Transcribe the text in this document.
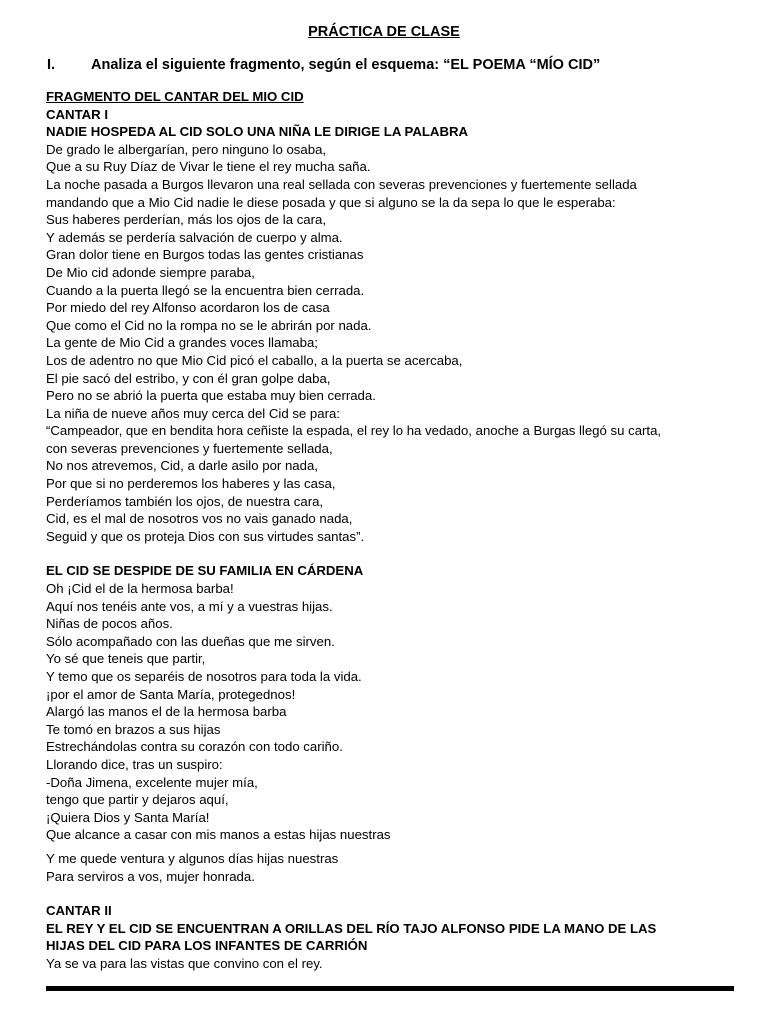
PRÁCTICA DE CLASE
I. Analiza el siguiente fragmento, según el esquema: “EL POEMA “MÍO CID”
FRAGMENTO DEL CANTAR DEL MIO CID
CANTAR I
NADIE HOSPEDA AL CID SOLO UNA NIÑA LE DIRIGE LA PALABRA
De grado le albergarían, pero ninguno lo osaba,
Que a su Ruy Díaz de Vivar le tiene el rey mucha saña.
La noche pasada a Burgos llevaron una real sellada con severas prevenciones y fuertemente sellada
mandando que a Mio Cid nadie le diese posada y que si alguno se la da sepa lo que le esperaba:
Sus haberes perderían, más los ojos de la cara,
Y además se perdería salvación de cuerpo y alma.
Gran dolor tiene en Burgos todas las gentes cristianas
De Mio cid adonde siempre paraba,
Cuando a la puerta llegó se la encuentra bien cerrada.
Por miedo del rey Alfonso acordaron los de casa
Que como el Cid no la rompa no se le abrirán por nada.
La gente de Mio Cid a grandes voces llamaba;
Los de adentro no que Mio Cid picó el caballo, a la puerta se acercaba,
El pie sacó del estribo, y con él gran golpe daba,
Pero no se abrió la puerta que estaba muy bien cerrada.
La niña de nueve años muy cerca del Cid se para:
“Campeador, que en bendita hora ceñiste la espada, el rey lo ha vedado, anoche a Burgas llegó su carta,
con severas prevenciones y fuertemente sellada,
No nos atrevemos, Cid, a darle asilo por nada,
Por que si no perderemos los haberes y las casa,
Perderíamos también los ojos, de nuestra cara,
Cid, es el mal de nosotros vos no vais ganado nada,
Seguid y que os proteja Dios con sus virtudes santas”.
EL CID SE DESPIDE DE SU FAMILIA EN CÁRDENA
Oh ¡Cid el de la hermosa barba!
Aquí nos tenéis ante vos, a mí y a vuestras hijas.
Niñas de pocos años.
Sólo acompañado con las dueñas que me sirven.
Yo sé que teneis que partir,
Y temo que os separéis de nosotros para toda la vida.
¡por el amor de Santa María, protegednos!
Alargó las manos el de la hermosa barba
Te tomó en brazos a sus hijas
Estrechándolas contra su corazón con todo cariño.
Llorando dice, tras un suspiro:
-Doña Jimena, excelente mujer mía,
tengo que partir y dejaros aquí,
¡Quiera Dios y Santa María!
Que alcance a casar con mis manos a estas hijas nuestras
Y me quede ventura y algunos días hijas nuestras
Para serviros a vos, mujer honrada.
CANTAR II
EL REY Y EL CID SE ENCUENTRAN A ORILLAS DEL RÍO TAJO ALFONSO PIDE LA MANO DE LAS
HIJAS DEL CID PARA LOS INFANTES DE CARRIÓN
Ya se va para las vistas que convino con el rey.
